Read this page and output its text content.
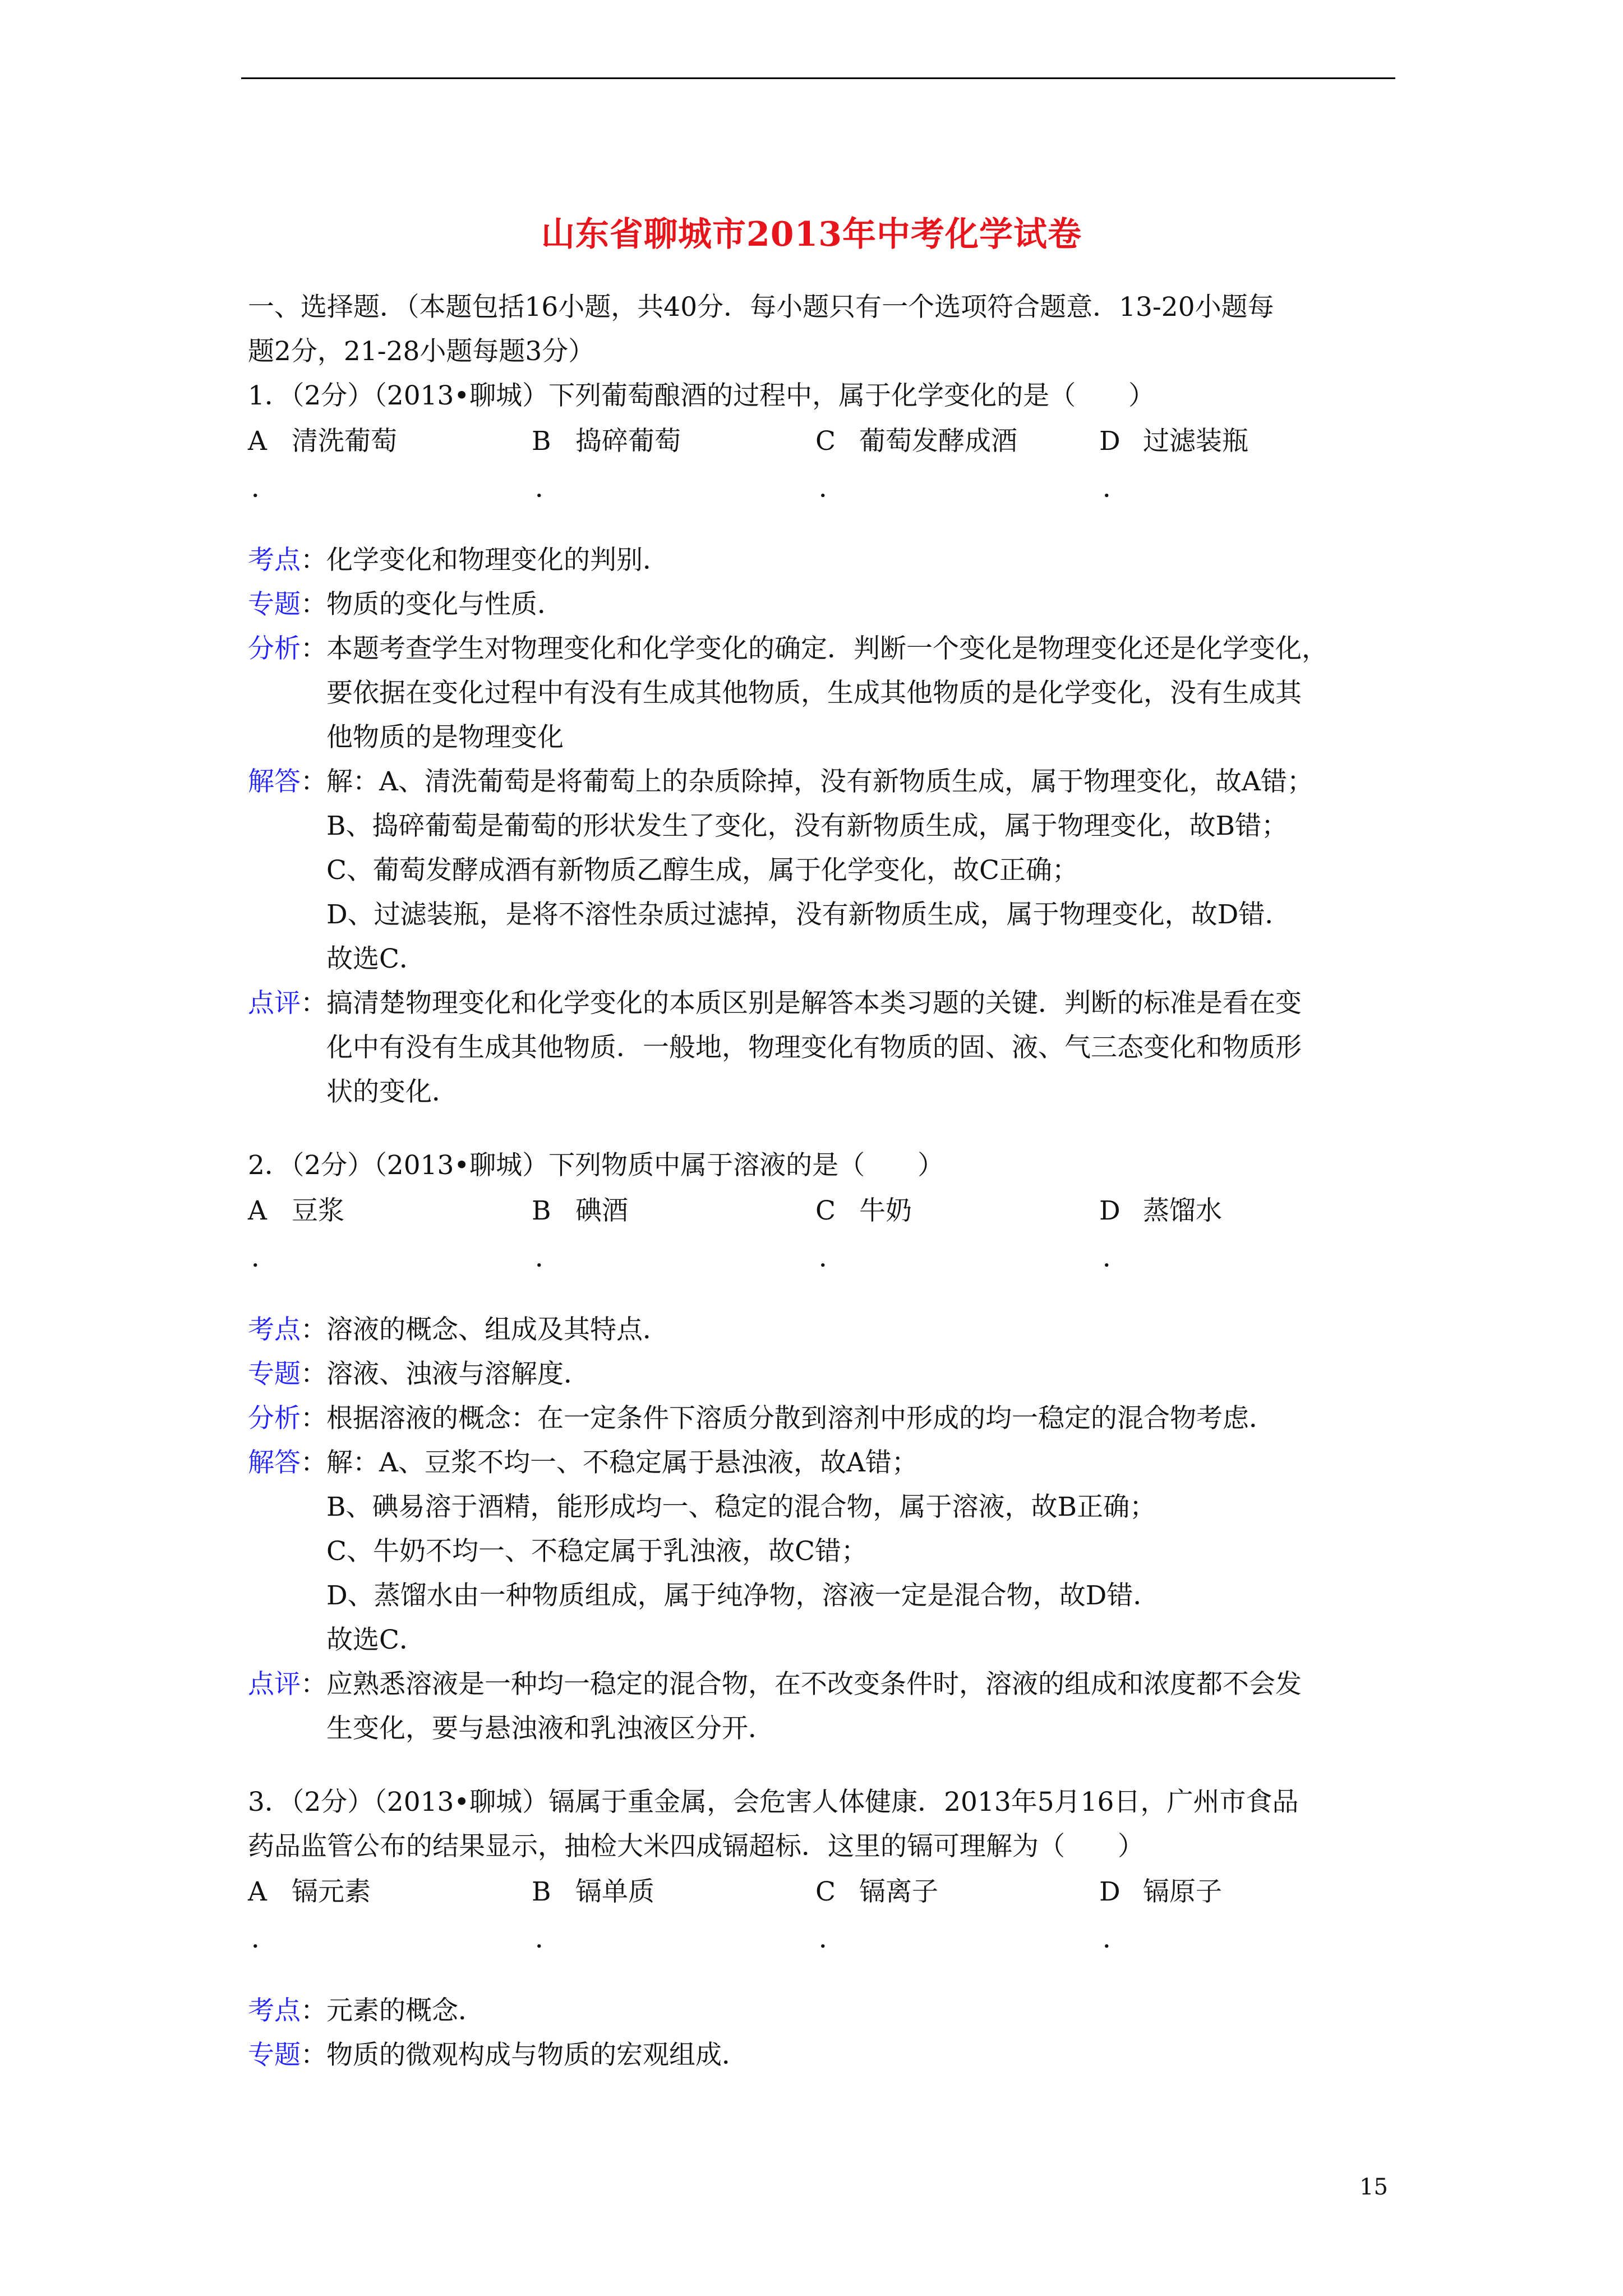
山东省聊城市2013年中考化学试卷
一、选择题．（本题包括16小题，共40分．每小题只有一个选项符合题意．13-20小题每
题2分，21-28小题每题3分）
1．（2分）（2013•聊城）下列葡萄酿酒的过程中，属于化学变化的是（　　）
A 清洗葡萄
．
B 捣碎葡萄
．
C 葡萄发酵成酒
．
D 过滤装瓶
．
考点： 化学变化和物理变化的判别．
专题： 物质的变化与性质．
分析： 本题考查学生对物理变化和化学变化的确定．判断一个变化是物理变化还是化学变化，
要依据在变化过程中有没有生成其他物质，生成其他物质的是化学变化，没有生成其
他物质的是物理变化
解答： 解：A、清洗葡萄是将葡萄上的杂质除掉，没有新物质生成，属于物理变化，故A错；
B、捣碎葡萄是葡萄的形状发生了变化，没有新物质生成，属于物理变化，故B错；
C、葡萄发酵成酒有新物质乙醇生成，属于化学变化，故C正确；
D、过滤装瓶，是将不溶性杂质过滤掉，没有新物质生成，属于物理变化，故D错．
故选C．
点评： 搞清楚物理变化和化学变化的本质区别是解答本类习题的关键．判断的标准是看在变
化中有没有生成其他物质．一般地，物理变化有物质的固、液、气三态变化和物质形
状的变化．
2．（2分）（2013•聊城）下列物质中属于溶液的是（　　）
A 豆浆
．
B 碘酒
．
C 牛奶
．
D 蒸馏水
．
考点： 溶液的概念、组成及其特点．
专题： 溶液、浊液与溶解度．
分析： 根据溶液的概念：在一定条件下溶质分散到溶剂中形成的均一稳定的混合物考虑．
解答： 解：A、豆浆不均一、不稳定属于悬浊液，故A错；
B、碘易溶于酒精，能形成均一、稳定的混合物，属于溶液，故B正确；
C、牛奶不均一、不稳定属于乳浊液，故C错；
D、蒸馏水由一种物质组成，属于纯净物，溶液一定是混合物，故D错．
故选C．
点评： 应熟悉溶液是一种均一稳定的混合物，在不改变条件时，溶液的组成和浓度都不会发
生变化，要与悬浊液和乳浊液区分开．
3．（2分）（2013•聊城）镉属于重金属，会危害人体健康．2013年5月16日，广州市食品
药品监管公布的结果显示，抽检大米四成镉超标．这里的镉可理解为（　　）
A 镉元素
．
B 镉单质
．
C 镉离子
．
D 镉原子
．
考点： 元素的概念．
专题： 物质的微观构成与物质的宏观组成．
15
